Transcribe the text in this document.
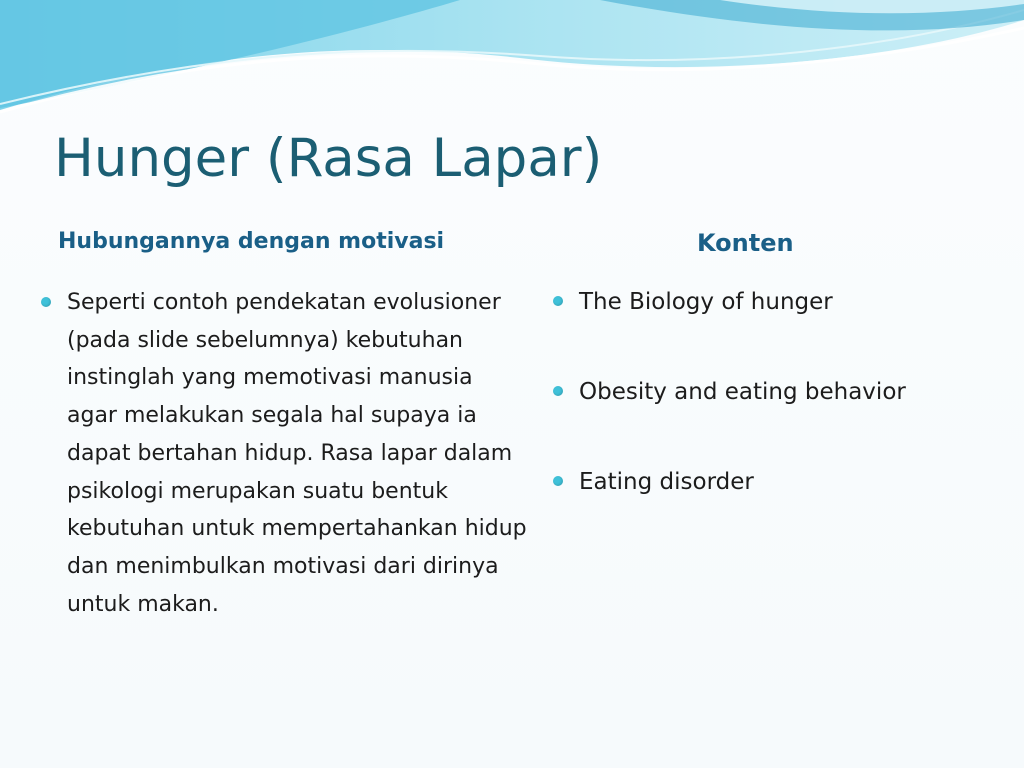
Hunger (Rasa Lapar)
Hubungannya dengan motivasi	Konten
Seperti contoh pendekatan evolusioner (pada slide sebelumnya) kebutuhan instinglah yang memotivasi manusia agar melakukan segala hal supaya ia dapat bertahan hidup. Rasa lapar dalam psikologi merupakan suatu bentuk kebutuhan untuk mempertahankan hidup dan menimbulkan motivasi dari dirinya untuk makan.
The Biology of hunger
Obesity and eating behavior
Eating disorder
